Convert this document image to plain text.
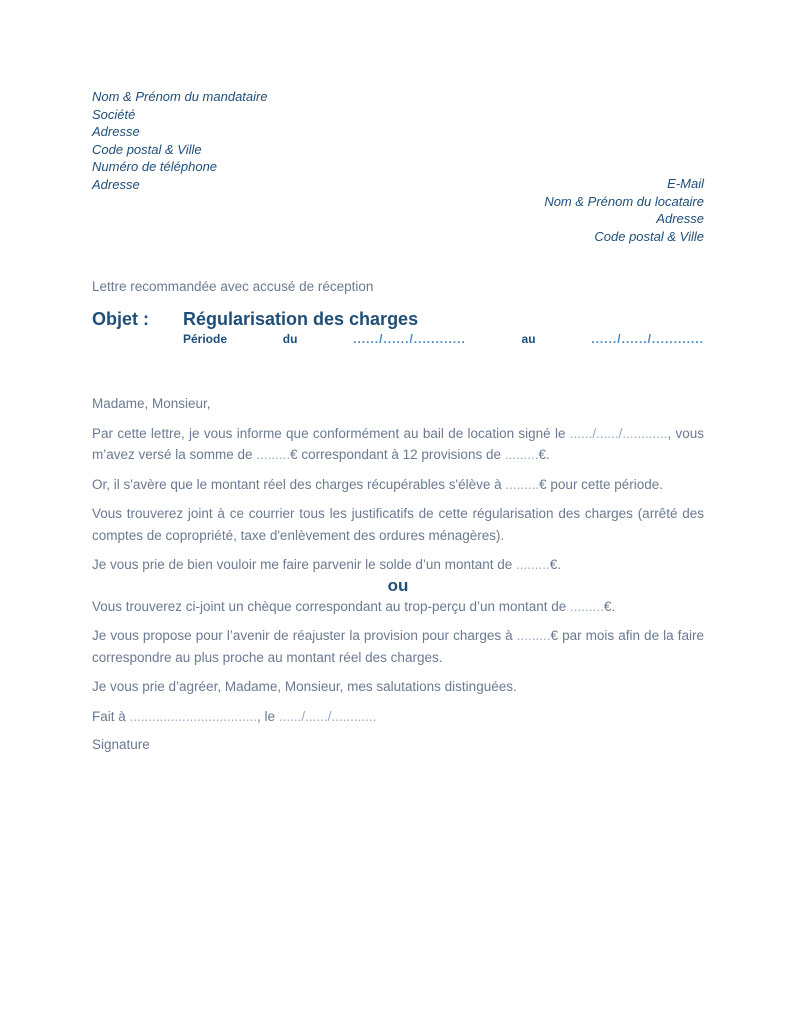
Nom & Prénom du mandataire
Société
Adresse
Code postal & Ville
Numéro de téléphone
Adresse	E-Mail
Nom & Prénom du locataire
Adresse
Code postal & Ville
Lettre recommandée avec accusé de réception
Objet :	Régularisation des charges
Période	du	....../....../............	au	....../....../............
Madame, Monsieur,

Par cette lettre, je vous informe que conformément au bail de location signé le ....../....../............, vous m’avez versé la somme de .........€ correspondant à 12 provisions de .........€.

Or, il s'avère que le montant réel des charges récupérables s'élève à .........€ pour cette période.

Vous trouverez joint à ce courrier tous les justificatifs de cette régularisation des charges (arrêté des comptes de copropriété, taxe d'enlèvement des ordures ménagères).

Je vous prie de bien vouloir me faire parvenir le solde d’un montant de .........€.

ou

Vous trouverez ci-joint un chèque correspondant au trop-perçu d’un montant de .........€.

Je vous propose pour l’avenir de réajuster la provision pour charges à .........€ par mois afin de la faire correspondre au plus proche au montant réel des charges.

Je vous prie d’agréer, Madame, Monsieur, mes salutations distinguées.

Fait à .................................., le ....../....../............

Signature
